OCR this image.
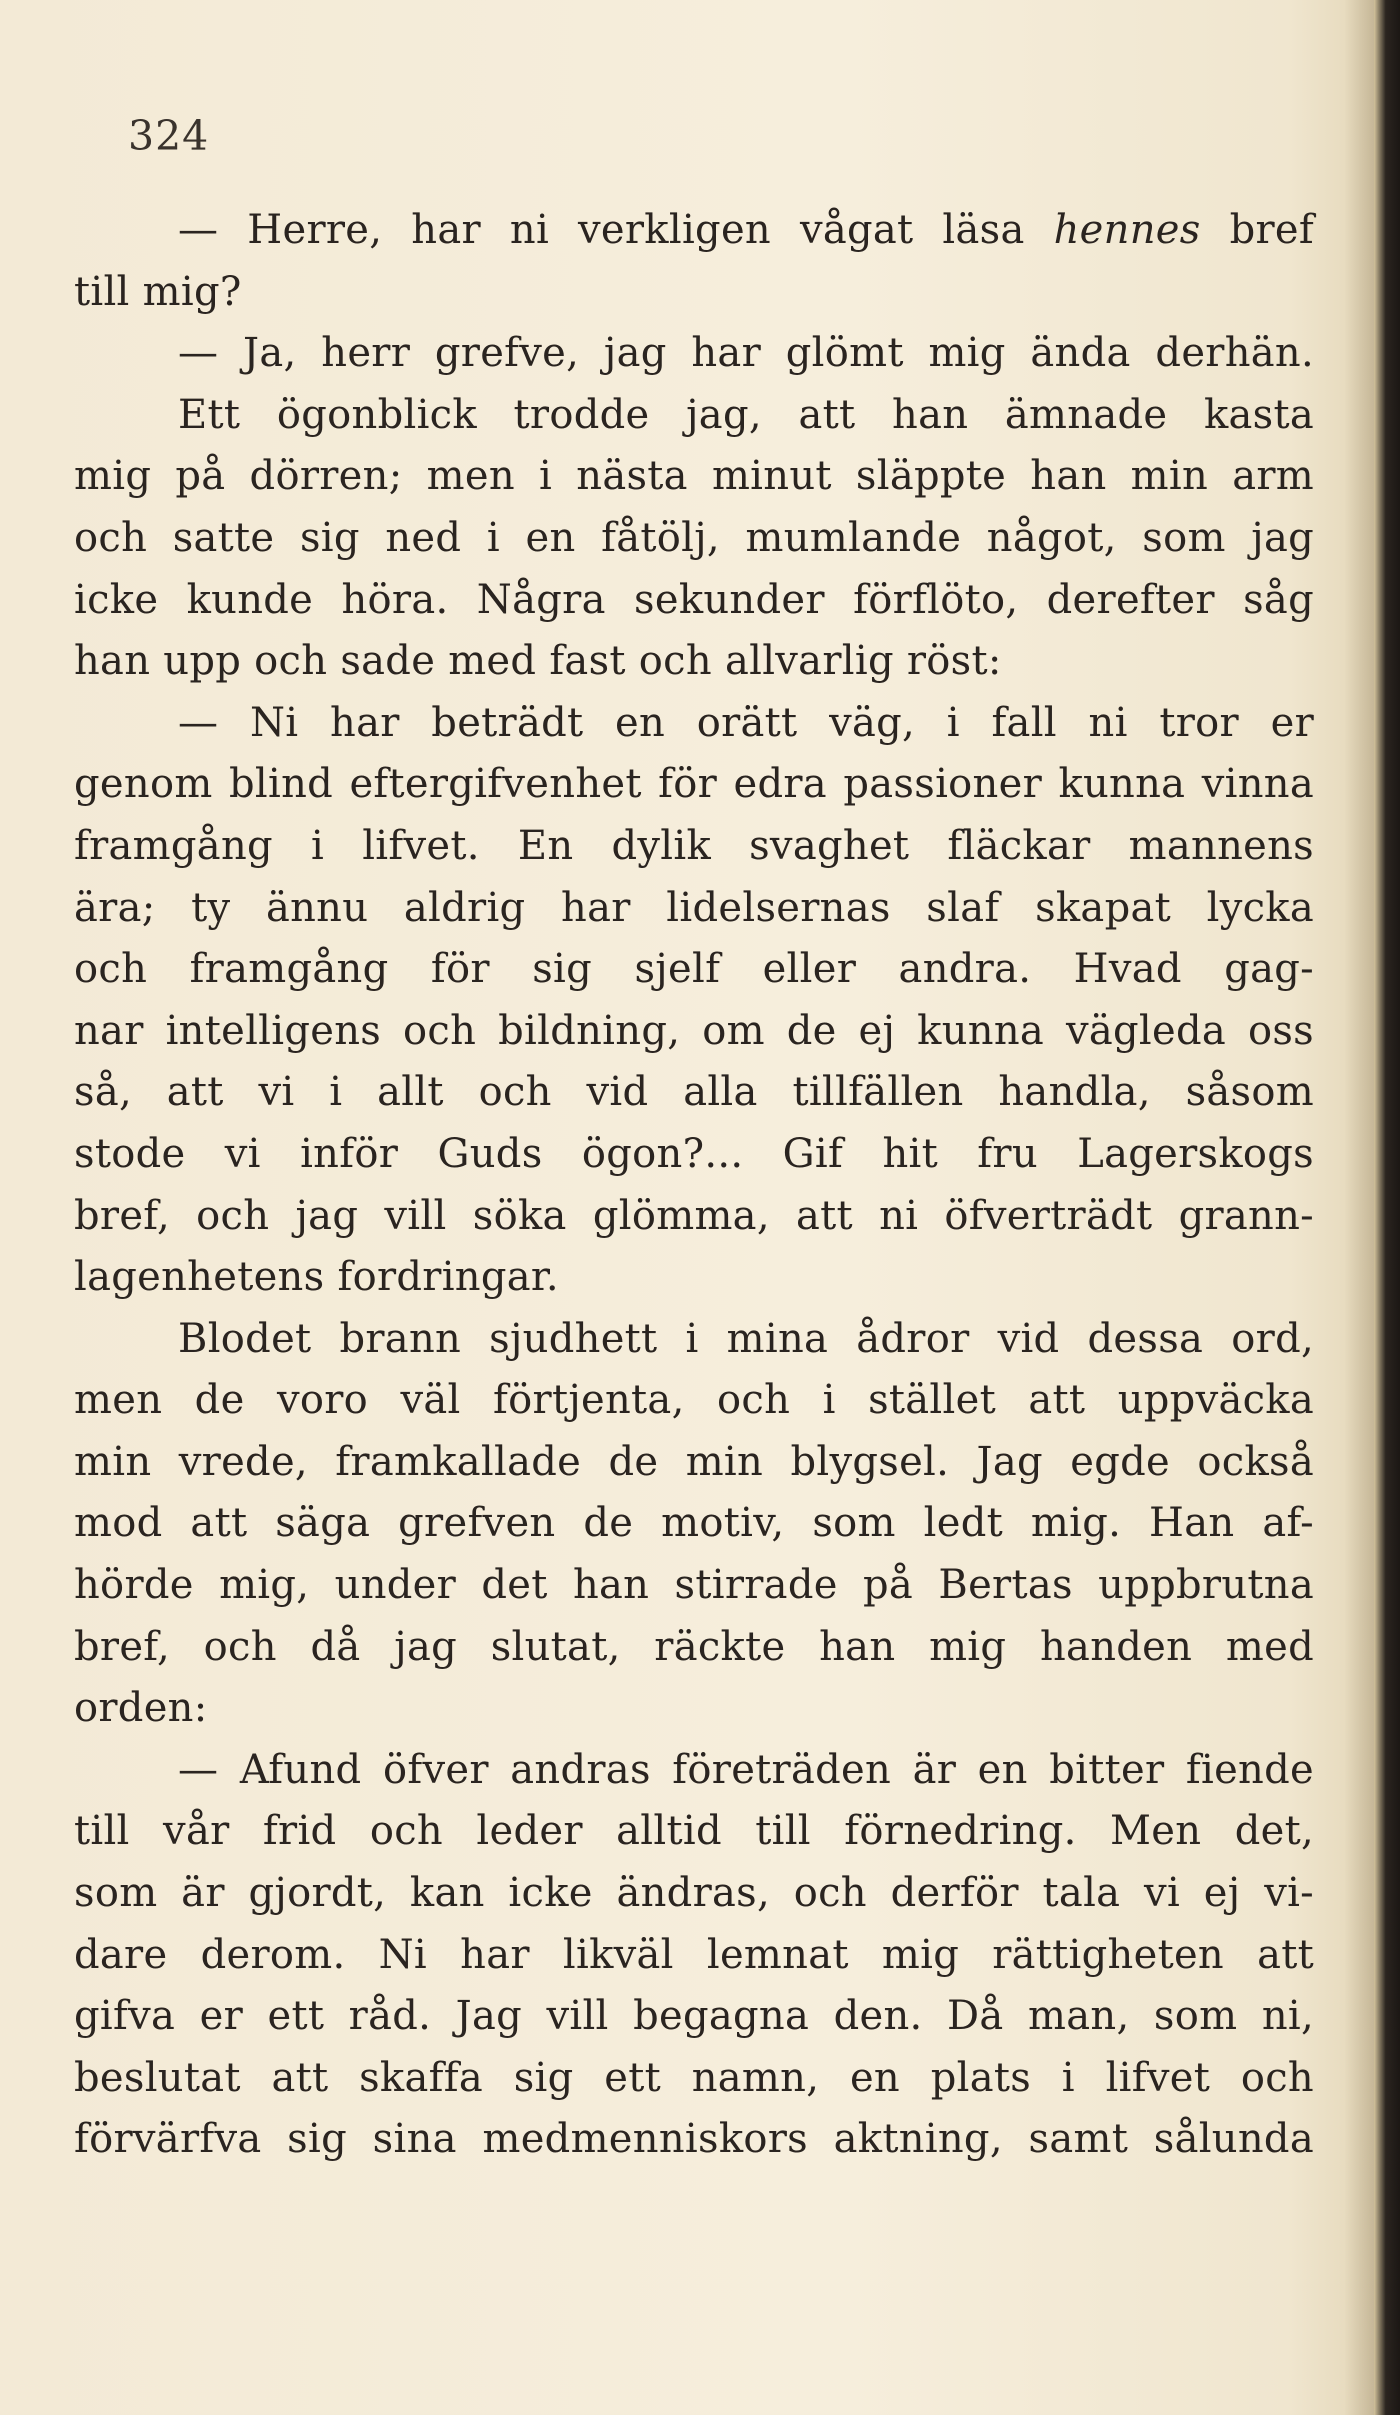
324
— Herre, har ni verkligen vågat läsa hennes bref
till mig?
— Ja, herr grefve, jag har glömt mig ända derhän.
Ett ögonblick trodde jag, att han ämnade kasta
mig på dörren; men i nästa minut släppte han min arm
och satte sig ned i en fåtölj, mumlande något, som jag
icke kunde höra. Några sekunder förflöto, derefter såg
han upp och sade med fast och allvarlig röst:
— Ni har beträdt en orätt väg, i fall ni tror er
genom blind eftergifvenhet för edra passioner kunna vinna
framgång i lifvet. En dylik svaghet fläckar mannens
ära; ty ännu aldrig har lidelsernas slaf skapat lycka
och framgång för sig sjelf eller andra. Hvad gag-
nar intelligens och bildning, om de ej kunna vägleda oss
så, att vi i allt och vid alla tillfällen handla, såsom
stode vi inför Guds ögon?... Gif hit fru Lagerskogs
bref, och jag vill söka glömma, att ni öfverträdt grann-
lagenhetens fordringar.
Blodet brann sjudhett i mina ådror vid dessa ord,
men de voro väl förtjenta, och i stället att uppväcka
min vrede, framkallade de min blygsel. Jag egde också
mod att säga grefven de motiv, som ledt mig. Han af-
hörde mig, under det han stirrade på Bertas uppbrutna
bref, och då jag slutat, räckte han mig handen med
orden:
— Afund öfver andras företräden är en bitter fiende
till vår frid och leder alltid till förnedring. Men det,
som är gjordt, kan icke ändras, och derför tala vi ej vi-
dare derom. Ni har likväl lemnat mig rättigheten att
gifva er ett råd. Jag vill begagna den. Då man, som ni,
beslutat att skaffa sig ett namn, en plats i lifvet och
förvärfva sig sina medmenniskors aktning, samt sålunda
